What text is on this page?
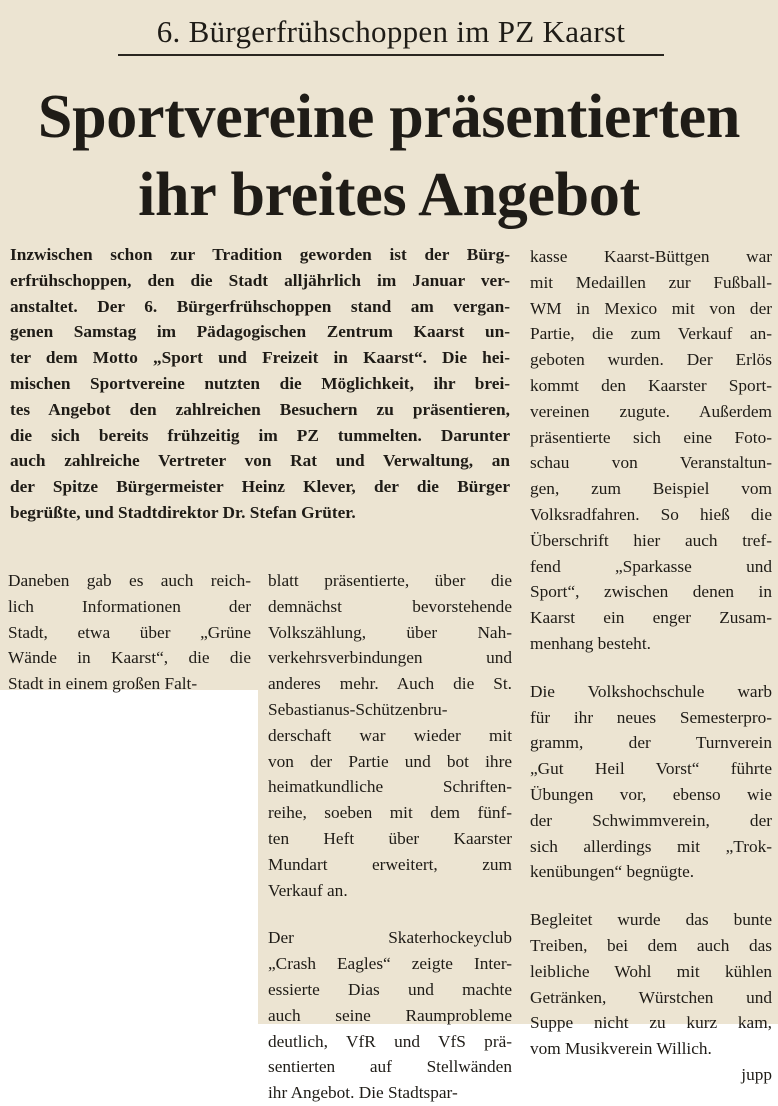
6. Bürgerfrühschoppen im PZ Kaarst
Sportvereine präsentierten
ihr breites Angebot
Inzwischen schon zur Tradition geworden ist der Bürg-
erfrühschoppen, den die Stadt alljährlich im Januar ver-
anstaltet. Der 6. Bürgerfrühschoppen stand am vergan-
genen Samstag im Pädagogischen Zentrum Kaarst un-
ter dem Motto „Sport und Freizeit in Kaarst“. Die hei-
mischen Sportvereine nutzten die Möglichkeit, ihr brei-
tes Angebot den zahlreichen Besuchern zu präsentieren,
die sich bereits frühzeitig im PZ tummelten. Darunter
auch zahlreiche Vertreter von Rat und Verwaltung, an
der Spitze Bürgermeister Heinz Klever, der die Bürger
begrüßte, und Stadtdirektor Dr. Stefan Grüter.

Daneben gab es auch reich-
lich Informationen der
Stadt, etwa über „Grüne
Wände in Kaarst“, die die
Stadt in einem großen Falt-

blatt präsentierte, über die
demnächst bevorstehende
Volkszählung, über Nah-
verkehrsverbindungen und
anderes mehr. Auch die St.
Sebastianus-Schützenbru-
derschaft war wieder mit
von der Partie und bot ihre
heimatkundliche Schriften-
reihe, soeben mit dem fünf-
ten Heft über Kaarster
Mundart erweitert, zum
Verkauf an.

Der Skaterhockeyclub
„Crash Eagles“ zeigte Inter-
essierte Dias und machte
auch seine Raumprobleme
deutlich, VfR und VfS prä-
sentierten auf Stellwänden
ihr Angebot. Die Stadtspar-

kasse Kaarst-Büttgen war
mit Medaillen zur Fußball-
WM in Mexico mit von der
Partie, die zum Verkauf an-
geboten wurden. Der Erlös
kommt den Kaarster Sport-
vereinen zugute. Außerdem
präsentierte sich eine Foto-
schau von Veranstaltun-
gen, zum Beispiel vom
Volksradfahren. So hieß die
Überschrift hier auch tref-
fend „Sparkasse und
Sport“, zwischen denen in
Kaarst ein enger Zusam-
menhang besteht.

Die Volkshochschule warb
für ihr neues Semesterpro-
gramm, der Turnverein
„Gut Heil Vorst“ führte
Übungen vor, ebenso wie
der Schwimmverein, der
sich allerdings mit „Trok-
kenübungen“ begnügte.

Begleitet wurde das bunte
Treiben, bei dem auch das
leibliche Wohl mit kühlen
Getränken, Würstchen und
Suppe nicht zu kurz kam,
vom Musikverein Willich.

jupp
